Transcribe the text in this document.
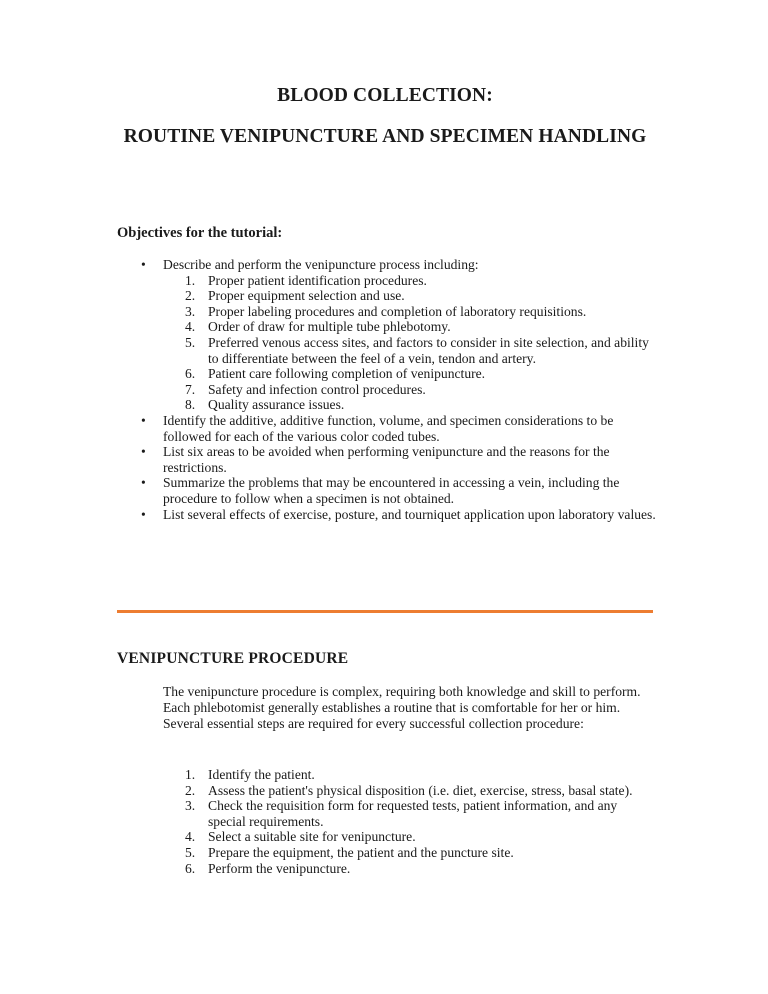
BLOOD COLLECTION:
ROUTINE VENIPUNCTURE AND SPECIMEN HANDLING
Objectives for the tutorial:
•	Describe and perform the venipuncture process including:
1. Proper patient identification procedures.
2. Proper equipment selection and use.
3. Proper labeling procedures and completion of laboratory requisitions.
4. Order of draw for multiple tube phlebotomy.
5. Preferred venous access sites, and factors to consider in site selection, and ability to differentiate between the feel of a vein, tendon and artery.
6. Patient care following completion of venipuncture.
7. Safety and infection control procedures.
8. Quality assurance issues.
•	Identify the additive, additive function, volume, and specimen considerations to be followed for each of the various color coded tubes.
•	List six areas to be avoided when performing venipuncture and the reasons for the restrictions.
•	Summarize the problems that may be encountered in accessing a vein, including the procedure to follow when a specimen is not obtained.
•	List several effects of exercise, posture, and tourniquet application upon laboratory values.
VENIPUNCTURE PROCEDURE
The venipuncture procedure is complex, requiring both knowledge and skill to perform. Each phlebotomist generally establishes a routine that is comfortable for her or him. Several essential steps are required for every successful collection procedure:
1. Identify the patient.
2. Assess the patient's physical disposition (i.e. diet, exercise, stress, basal state).
3. Check the requisition form for requested tests, patient information, and any special requirements.
4. Select a suitable site for venipuncture.
5. Prepare the equipment, the patient and the puncture site.
6. Perform the venipuncture.
